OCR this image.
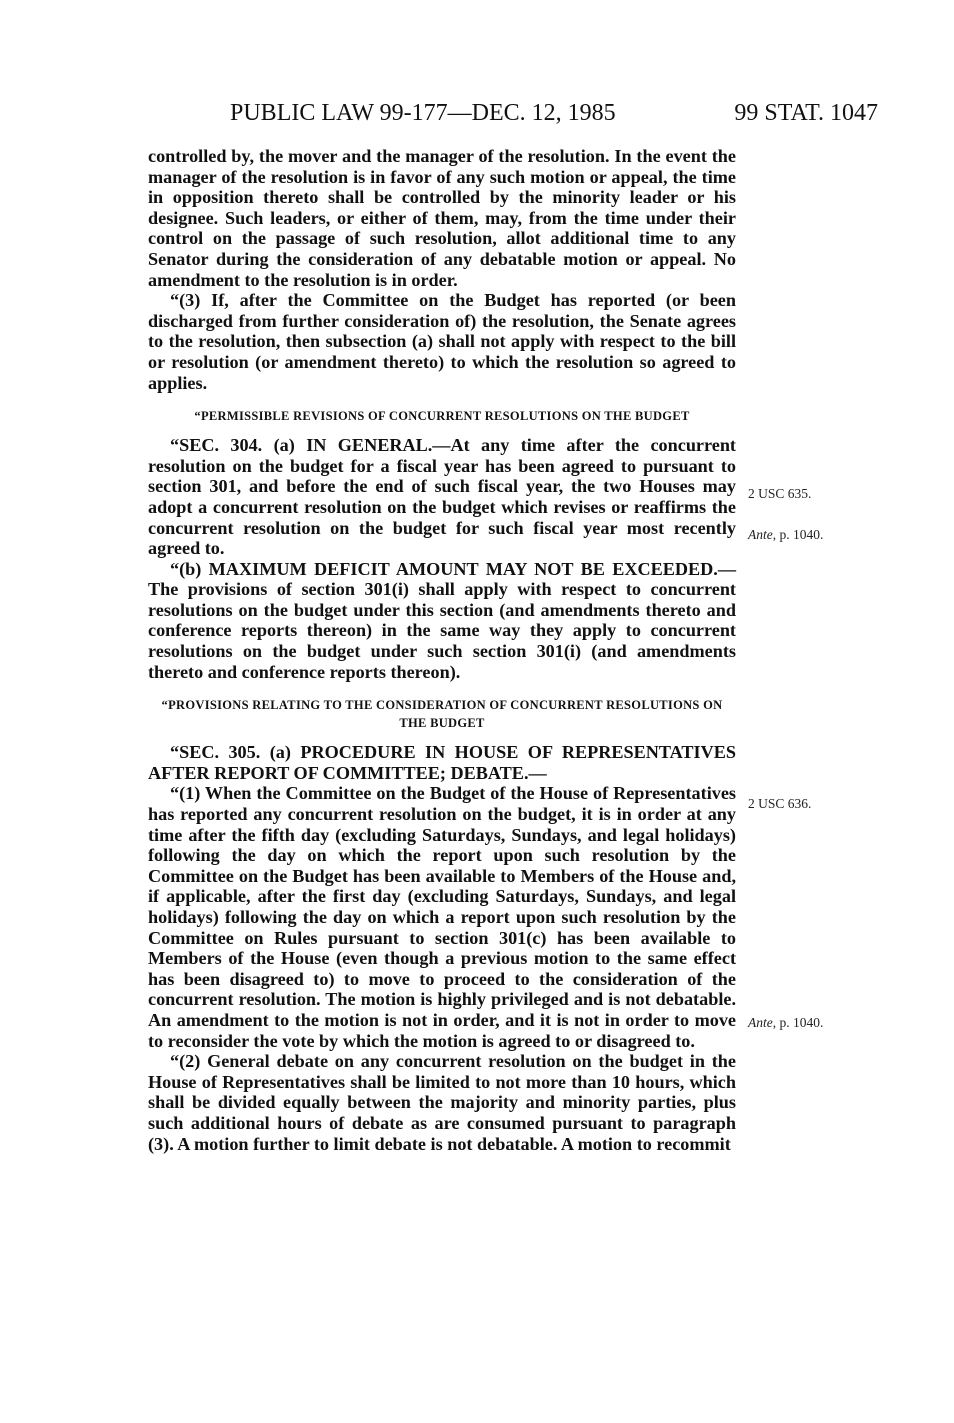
PUBLIC LAW 99-177—DEC. 12, 1985	99 STAT. 1047

controlled by, the mover and the manager of the resolution. In the event the manager of the resolution is in favor of any such motion or appeal, the time in opposition thereto shall be controlled by the minority leader or his designee. Such leaders, or either of them, may, from the time under their control on the passage of such resolution, allot additional time to any Senator during the consideration of any debatable motion or appeal. No amendment to the resolution is in order.

“(3) If, after the Committee on the Budget has reported (or been discharged from further consideration of) the resolution, the Senate agrees to the resolution, then subsection (a) shall not apply with respect to the bill or resolution (or amendment thereto) to which the resolution so agreed to applies.

“PERMISSIBLE REVISIONS OF CONCURRENT RESOLUTIONS ON THE BUDGET

“SEC. 304. (a) IN GENERAL.—At any time after the concurrent resolution on the budget for a fiscal year has been agreed to pursuant to section 301, and before the end of such fiscal year, the two Houses may adopt a concurrent resolution on the budget which revises or reaffirms the concurrent resolution on the budget for such fiscal year most recently agreed to.

“(b) MAXIMUM DEFICIT AMOUNT MAY NOT BE EXCEEDED.—The provisions of section 301(i) shall apply with respect to concurrent resolutions on the budget under this section (and amendments thereto and conference reports thereon) in the same way they apply to concurrent resolutions on the budget under such section 301(i) (and amendments thereto and conference reports thereon).

“PROVISIONS RELATING TO THE CONSIDERATION OF CONCURRENT RESOLUTIONS ON THE BUDGET

“SEC. 305. (a) PROCEDURE IN HOUSE OF REPRESENTATIVES AFTER REPORT OF COMMITTEE; DEBATE.—

“(1) When the Committee on the Budget of the House of Representatives has reported any concurrent resolution on the budget, it is in order at any time after the fifth day (excluding Saturdays, Sundays, and legal holidays) following the day on which the report upon such resolution by the Committee on the Budget has been available to Members of the House and, if applicable, after the first day (excluding Saturdays, Sundays, and legal holidays) following the day on which a report upon such resolution by the Committee on Rules pursuant to section 301(c) has been available to Members of the House (even though a previous motion to the same effect has been disagreed to) to move to proceed to the consideration of the concurrent resolution. The motion is highly privileged and is not debatable. An amendment to the motion is not in order, and it is not in order to move to reconsider the vote by which the motion is agreed to or disagreed to.

“(2) General debate on any concurrent resolution on the budget in the House of Representatives shall be limited to not more than 10 hours, which shall be divided equally between the majority and minority parties, plus such additional hours of debate as are consumed pursuant to paragraph (3). A motion further to limit debate is not debatable. A motion to recommit

2 USC 635.
Ante, p. 1040.
2 USC 636.
Ante, p. 1040.
